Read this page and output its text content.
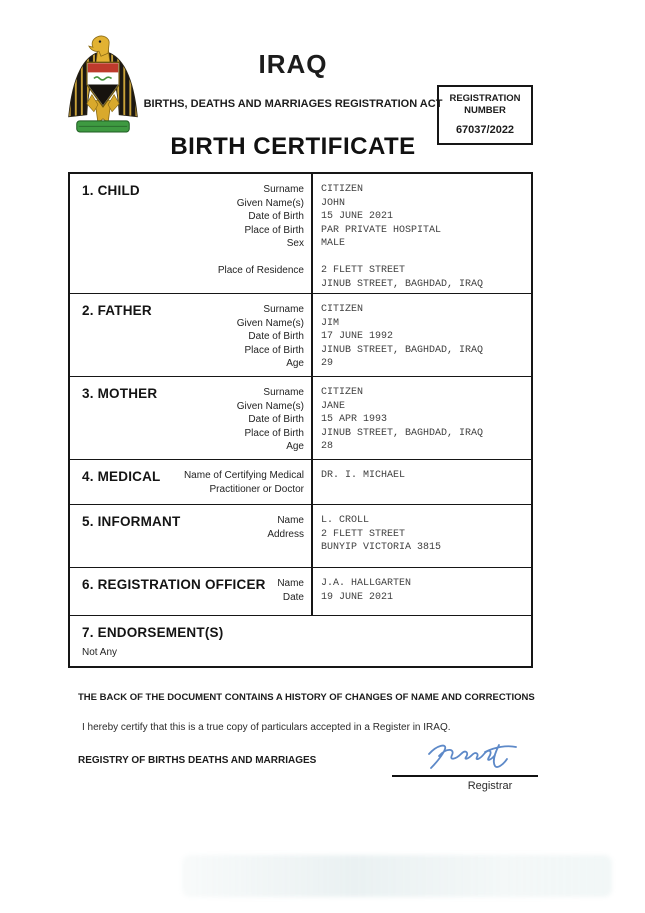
IRAQ
BIRTHS, DEATHS AND MARRIAGES REGISTRATION ACT
BIRTH CERTIFICATE
REGISTRATION NUMBER
67037/2022
1. CHILD	Surname	CITIZEN
Given Name(s)	JOHN
Date of Birth	15 JUNE 2021
Place of Birth	PAR PRIVATE HOSPITAL
Sex	MALE
Place of Residence	2 FLETT STREET
JINUB STREET, BAGHDAD, IRAQ
2. FATHER	Surname	CITIZEN
Given Name(s)	JIM
Date of Birth	17 JUNE 1992
Place of Birth	JINUB STREET, BAGHDAD, IRAQ
Age	29
3. MOTHER	Surname	CITIZEN
Given Name(s)	JANE
Date of Birth	15 APR 1993
Place of Birth	JINUB STREET, BAGHDAD, IRAQ
Age	28
4. MEDICAL	Name of Certifying Medical
Practitioner or Doctor
DR. I. MICHAEL
5. INFORMANT	Name	L. CROLL
Address	2 FLETT STREET
BUNYIP VICTORIA 3815
6. REGISTRATION OFFICER	Name	J.A. HALLGARTEN
Date	19 JUNE 2021
7. ENDORSEMENT(S)
Not Any
THE BACK OF THE DOCUMENT CONTAINS A HISTORY OF CHANGES OF NAME AND CORRECTIONS
I hereby certify that this is a true copy of particulars accepted in a Register in IRAQ.
REGISTRY OF BIRTHS DEATHS AND MARRIAGES
Registrar
